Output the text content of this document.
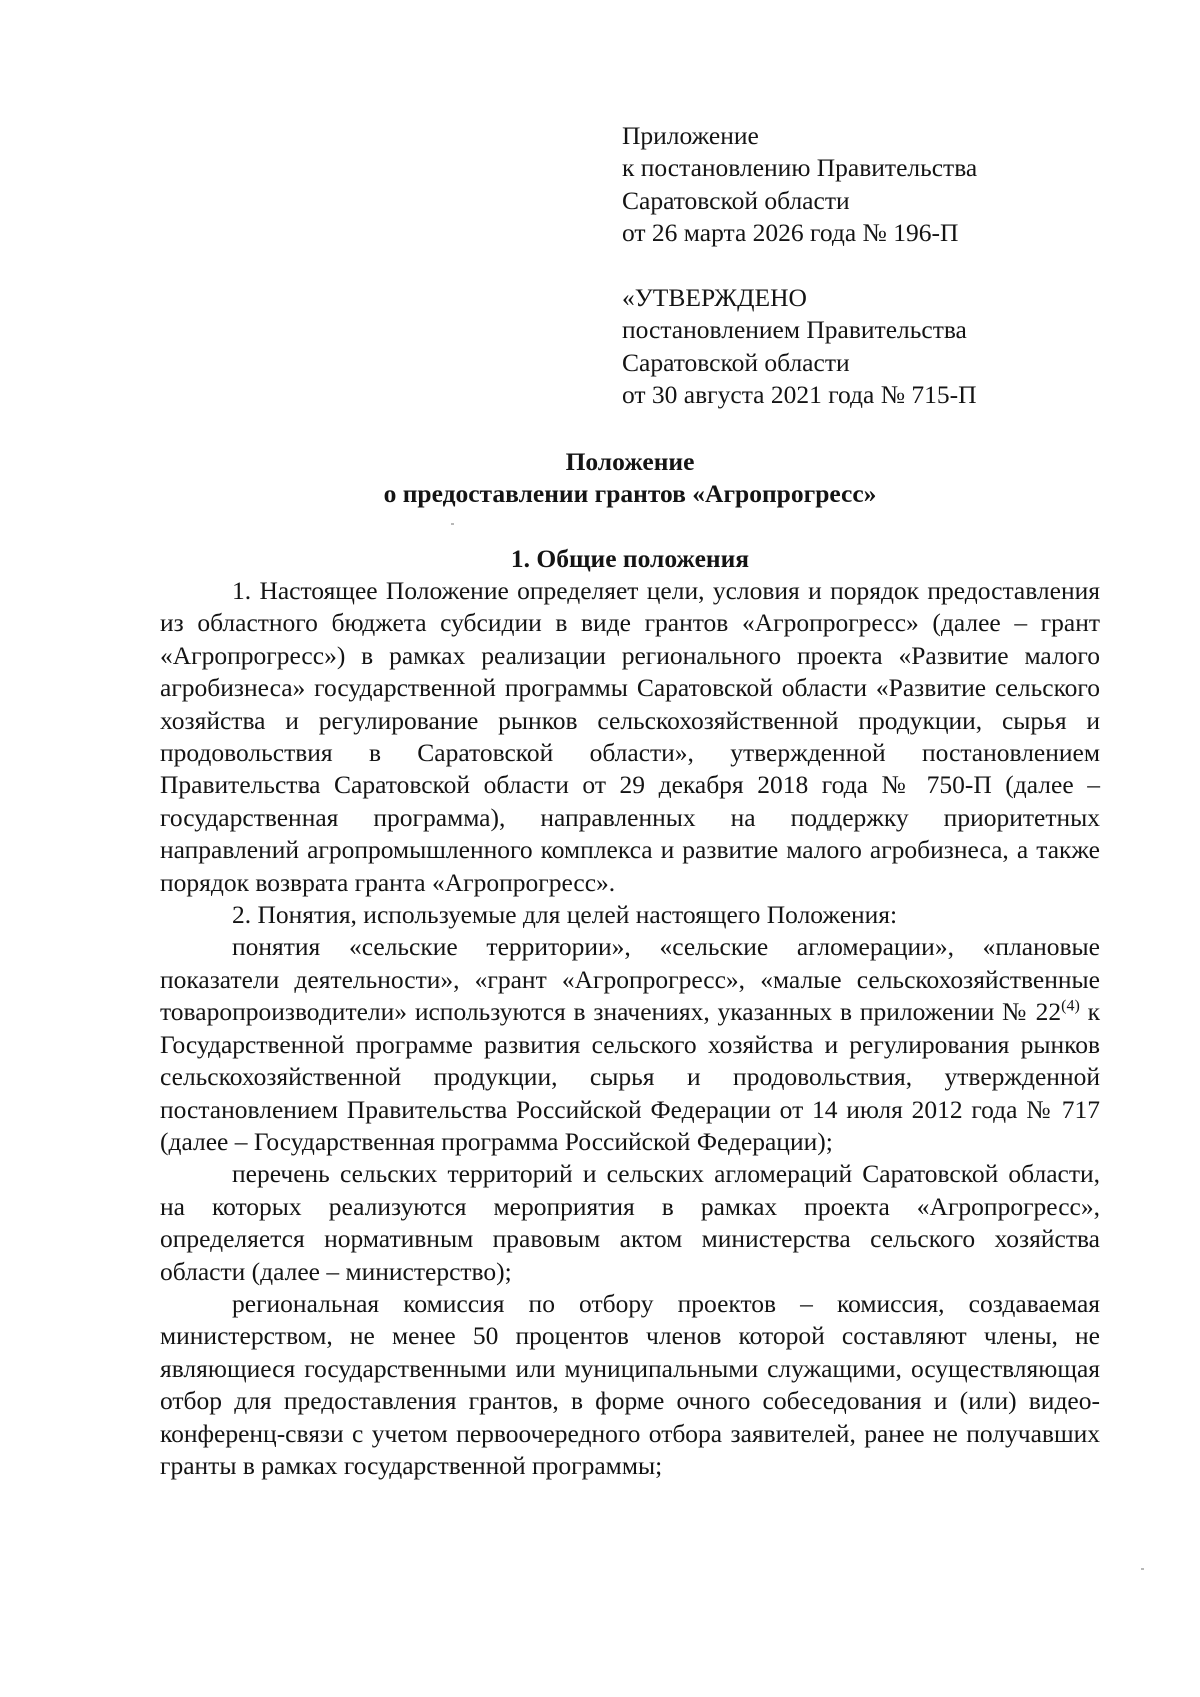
Приложение
к постановлению Правительства
Саратовской области
от 26 марта 2026 года № 196-П
«УТВЕРЖДЕНО
постановлением Правительства
Саратовской области
от 30 августа 2021 года № 715-П
Положение
о предоставлении грантов «Агропрогресс»
1. Общие положения

1. Настоящее Положение определяет цели, условия и порядок предоставления из областного бюджета субсидии в виде грантов «Агропрогресс» (далее – грант «Агропрогресс») в рамках реализации регионального проекта «Развитие малого агробизнеса» государственной программы Саратовской области «Развитие сельского хозяйства и регулирование рынков сельскохозяйственной продукции, сырья и продовольствия в Саратовской области», утвержденной постановлением Правительства Саратовской области от 29 декабря 2018 года № 750-П (далее – государственная программа), направленных на поддержку приоритетных направлений агропромышленного комплекса и развитие малого агробизнеса, а также порядок возврата гранта «Агропрогресс».

2. Понятия, используемые для целей настоящего Положения:

понятия «сельские территории», «сельские агломерации», «плановые показатели деятельности», «грант «Агропрогресс», «малые сельскохозяйственные товаропроизводители» используются в значениях, указанных в приложении № 22$^{(4)}$ к Государственной программе развития сельского хозяйства и регулирования рынков сельскохозяйственной продукции, сырья и продовольствия, утвержденной постановлением Правительства Российской Федерации от 14 июля 2012 года № 717 (далее – Государственная программа Российской Федерации);

перечень сельских территорий и сельских агломераций Саратовской области, на которых реализуются мероприятия в рамках проекта «Агропрогресс», определяется нормативным правовым актом министерства сельского хозяйства области (далее – министерство);

региональная комиссия по отбору проектов – комиссия, создаваемая министерством, не менее 50 процентов членов которой составляют члены, не являющиеся государственными или муниципальными служащими, осуществляющая отбор для предоставления грантов, в форме очного собеседования и (или) видео-конференц-связи с учетом первоочередного отбора заявителей, ранее не получавших гранты в рамках государственной программы;
